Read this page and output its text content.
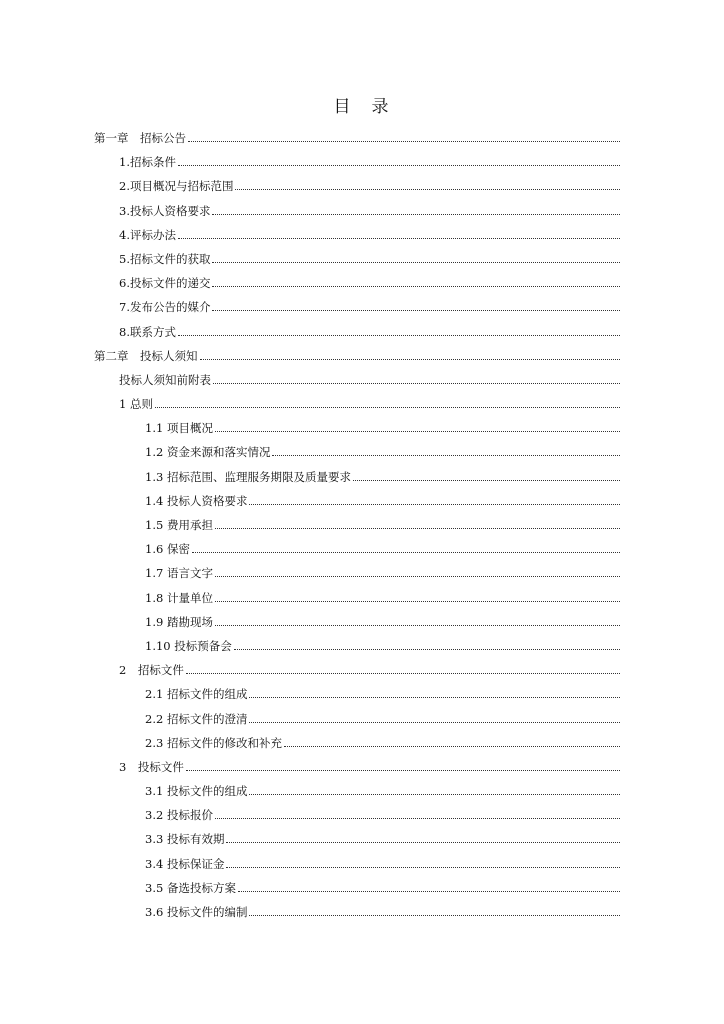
目　录
第一章　招标公告
1.招标条件
2.项目概况与招标范围
3.投标人资格要求
4.评标办法
5.招标文件的获取
6.投标文件的递交
7.发布公告的媒介
8.联系方式
第二章　投标人须知
投标人须知前附表
1 总则
1.1 项目概况
1.2 资金来源和落实情况
1.3 招标范围、监理服务期限及质量要求
1.4 投标人资格要求
1.5 费用承担
1.6 保密
1.7 语言文字
1.8 计量单位
1.9 踏勘现场
1.10 投标预备会
2　招标文件
2.1 招标文件的组成
2.2 招标文件的澄清
2.3 招标文件的修改和补充
3　投标文件
3.1 投标文件的组成
3.2 投标报价
3.3 投标有效期
3.4 投标保证金
3.5 备选投标方案
3.6 投标文件的编制
